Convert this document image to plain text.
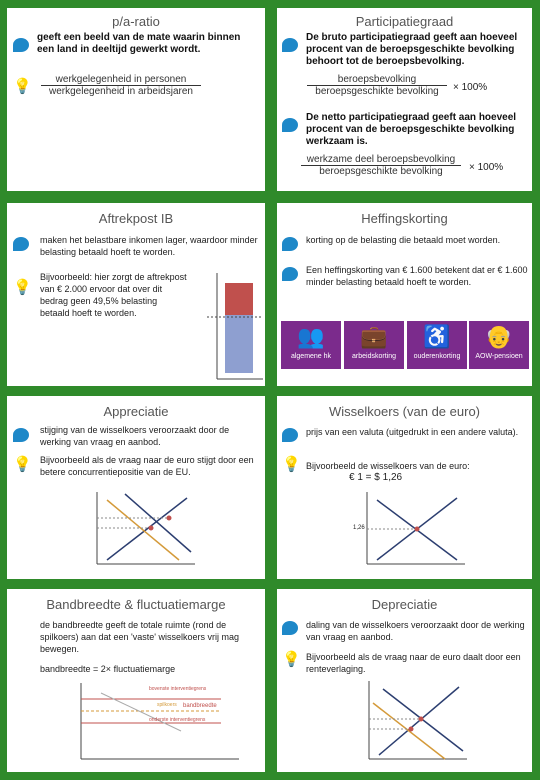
p/a-ratio
geeft een beeld van de mate waarin binnen een land in deeltijd gewerkt wordt.
💡	werkgelegenheid in personen
werkgelegenheid in arbeidsjaren
Participatiegraad
De bruto participatiegraad geeft aan hoeveel procent van de beroepsgeschikte bevolking behoort tot de beroepsbevolking.
beroepsbevolking
beroepsgeschikte bevolking	× 100%
De netto participatiegraad geeft aan hoeveel procent van de beroepsgeschikte bevolking werkzaam is.
werkzame deel beroepsbevolking
beroepsgeschikte bevolking	× 100%
Aftrekpost IB
maken het belastbare inkomen lager, waardoor minder belasting betaald hoeft te worden.
💡
Bijvoorbeeld: hier zorgt de aftrekpost van € 2.000 ervoor dat over dit bedrag geen 49,5% belasting betaald hoeft te worden.
Heffingskorting
korting op de belasting die betaald moet worden.
Een heffingskorting van € 1.600 betekent dat er € 1.600 minder belasting betaald hoeft te worden.
👥
algemene hk
💼
arbeidskorting
♿
ouderenkorting
👴
AOW-pensioen
Appreciatie
stijging van de wisselkoers veroorzaakt door de werking van vraag en aanbod.
💡 Bijvoorbeeld als de vraag naar de euro stijgt door een betere concurrentiepositie van de EU.
Wisselkoers (van de euro)
prijs van een valuta (uitgedrukt in een andere valuta).
💡 Bijvoorbeeld de wisselkoers van de euro:
€ 1 = $ 1,26
1,26
Bandbreedte & fluctuatiemarge
de bandbreedte geeft de totale ruimte (rond de spilkoers) aan dat een 'vaste' wisselkoers vrij mag bewegen.
bandbreedte = 2× fluctuatiemarge
bovenste interventiegrens
spilkoers
onderste interventiegrens
bandbreedte
Depreciatie
daling van de wisselkoers veroorzaakt door de werking van vraag en aanbod.
💡 Bijvoorbeeld als de vraag naar de euro daalt door een renteverlaging.
